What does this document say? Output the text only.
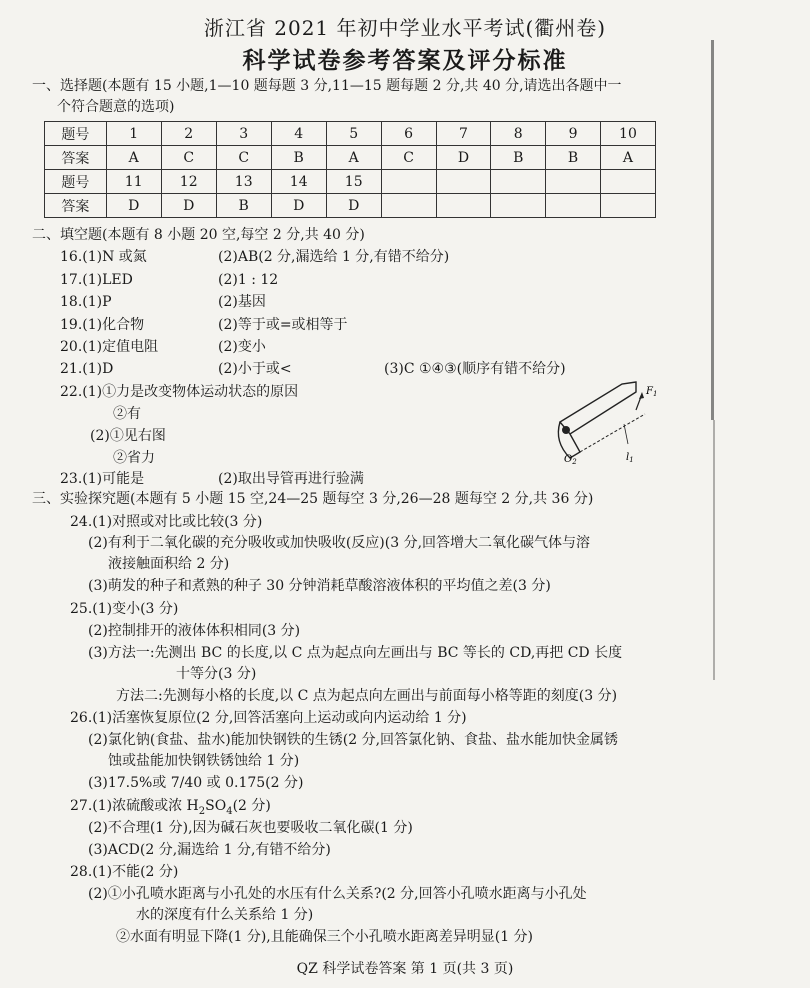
浙江省 2021 年初中学业水平考试(衢州卷)
科学试卷参考答案及评分标准
一、选择题(本题有 15 小题,1—10 题每题 3 分,11—15 题每题 2 分,共 40 分,请选出各题中一
个符合题意的选项)
题号	1	2	3	4	5	6	7	8	9	10
答案	A	C	C	B	A	C	D	B	B	A
题号	11	12	13	14	15					
答案	D	D	B	D	D					
二、填空题(本题有 8 小题 20 空,每空 2 分,共 40 分)
16.(1)N 或氮	(2)AB(2 分,漏选给 1 分,有错不给分)
17.(1)LED	(2)1 : 12
18.(1)P	(2)基因
19.(1)化合物	(2)等于或=或相等于
20.(1)定值电阻	(2)变小
21.(1)D	(2)小于或<	(3)C ①④③(顺序有错不给分)
22.(1)①力是改变物体运动状态的原因
②有
(2)①见右图
②省力
23.(1)可能是	(2)取出导管再进行验满
$F_1$
$O_2$	$l_1$
三、实验探究题(本题有 5 小题 15 空,24—25 题每空 3 分,26—28 题每空 2 分,共 36 分)
24.(1)对照或对比或比较(3 分)
(2)有利于二氧化碳的充分吸收或加快吸收(反应)(3 分,回答增大二氧化碳气体与溶
液接触面积给 2 分)
(3)萌发的种子和煮熟的种子 30 分钟消耗草酸溶液体积的平均值之差(3 分)
25.(1)变小(3 分)
(2)控制排开的液体体积相同(3 分)
(3)方法一:先测出 BC 的长度,以 C 点为起点向左画出与 BC 等长的 CD,再把 CD 长度
十等分(3 分)
方法二:先测每小格的长度,以 C 点为起点向左画出与前面每小格等距的刻度(3 分)
26.(1)活塞恢复原位(2 分,回答活塞向上运动或向内运动给 1 分)
(2)氯化钠(食盐、盐水)能加快钢铁的生锈(2 分,回答氯化钠、食盐、盐水能加快金属锈
蚀或盐能加快钢铁锈蚀给 1 分)
(3)17.5%或 7/40 或 0.175(2 分)
27.(1)浓硫酸或浓 $H_2SO_4(2$ 分)
(2)不合理(1 分),因为碱石灰也要吸收二氧化碳(1 分)
(3)ACD(2 分,漏选给 1 分,有错不给分)
28.(1)不能(2 分)
(2)①小孔喷水距离与小孔处的水压有什么关系?(2 分,回答小孔喷水距离与小孔处
水的深度有什么关系给 1 分)
②水面有明显下降(1 分),且能确保三个小孔喷水距离差异明显(1 分)
QZ 科学试卷答案 第 1 页(共 3 页)
